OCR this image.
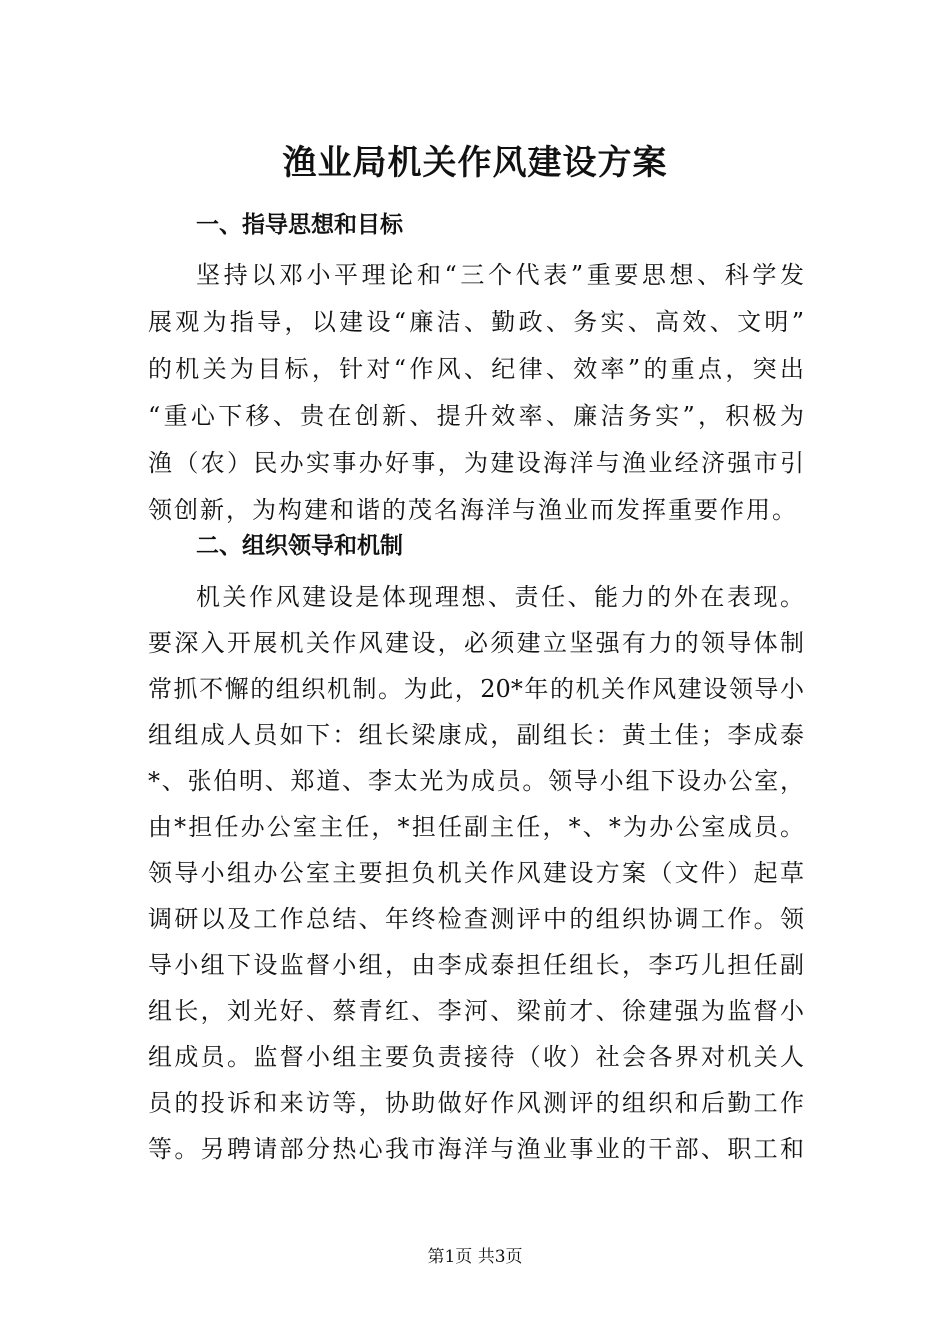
渔业局机关作风建设方案
一、指导思想和目标
坚持以邓小平理论和“三个代表”重要思想、科学发
展观为指导，以建设“廉洁、勤政、务实、高效、文明”
的机关为目标，针对“作风、纪律、效率”的重点，突出
“重心下移、贵在创新、提升效率、廉洁务实”，积极为
渔（农）民办实事办好事，为建设海洋与渔业经济强市引
领创新，为构建和谐的茂名海洋与渔业而发挥重要作用。
二、组织领导和机制
机关作风建设是体现理想、责任、能力的外在表现。
要深入开展机关作风建设，必须建立坚强有力的领导体制
常抓不懈的组织机制。为此，20*年的机关作风建设领导小
组组成人员如下：组长梁康成，副组长：黄土佳；李成泰
*、张伯明、郑道、李太光为成员。领导小组下设办公室，
由*担任办公室主任，*担任副主任，*、*为办公室成员。
领导小组办公室主要担负机关作风建设方案（文件）起草
调研以及工作总结、年终检查测评中的组织协调工作。领
导小组下设监督小组，由李成泰担任组长，李巧儿担任副
组长，刘光好、蔡青红、李河、梁前才、徐建强为监督小
组成员。监督小组主要负责接待（收）社会各界对机关人
员的投诉和来访等，协助做好作风测评的组织和后勤工作
等。另聘请部分热心我市海洋与渔业事业的干部、职工和
第1页 共3页
